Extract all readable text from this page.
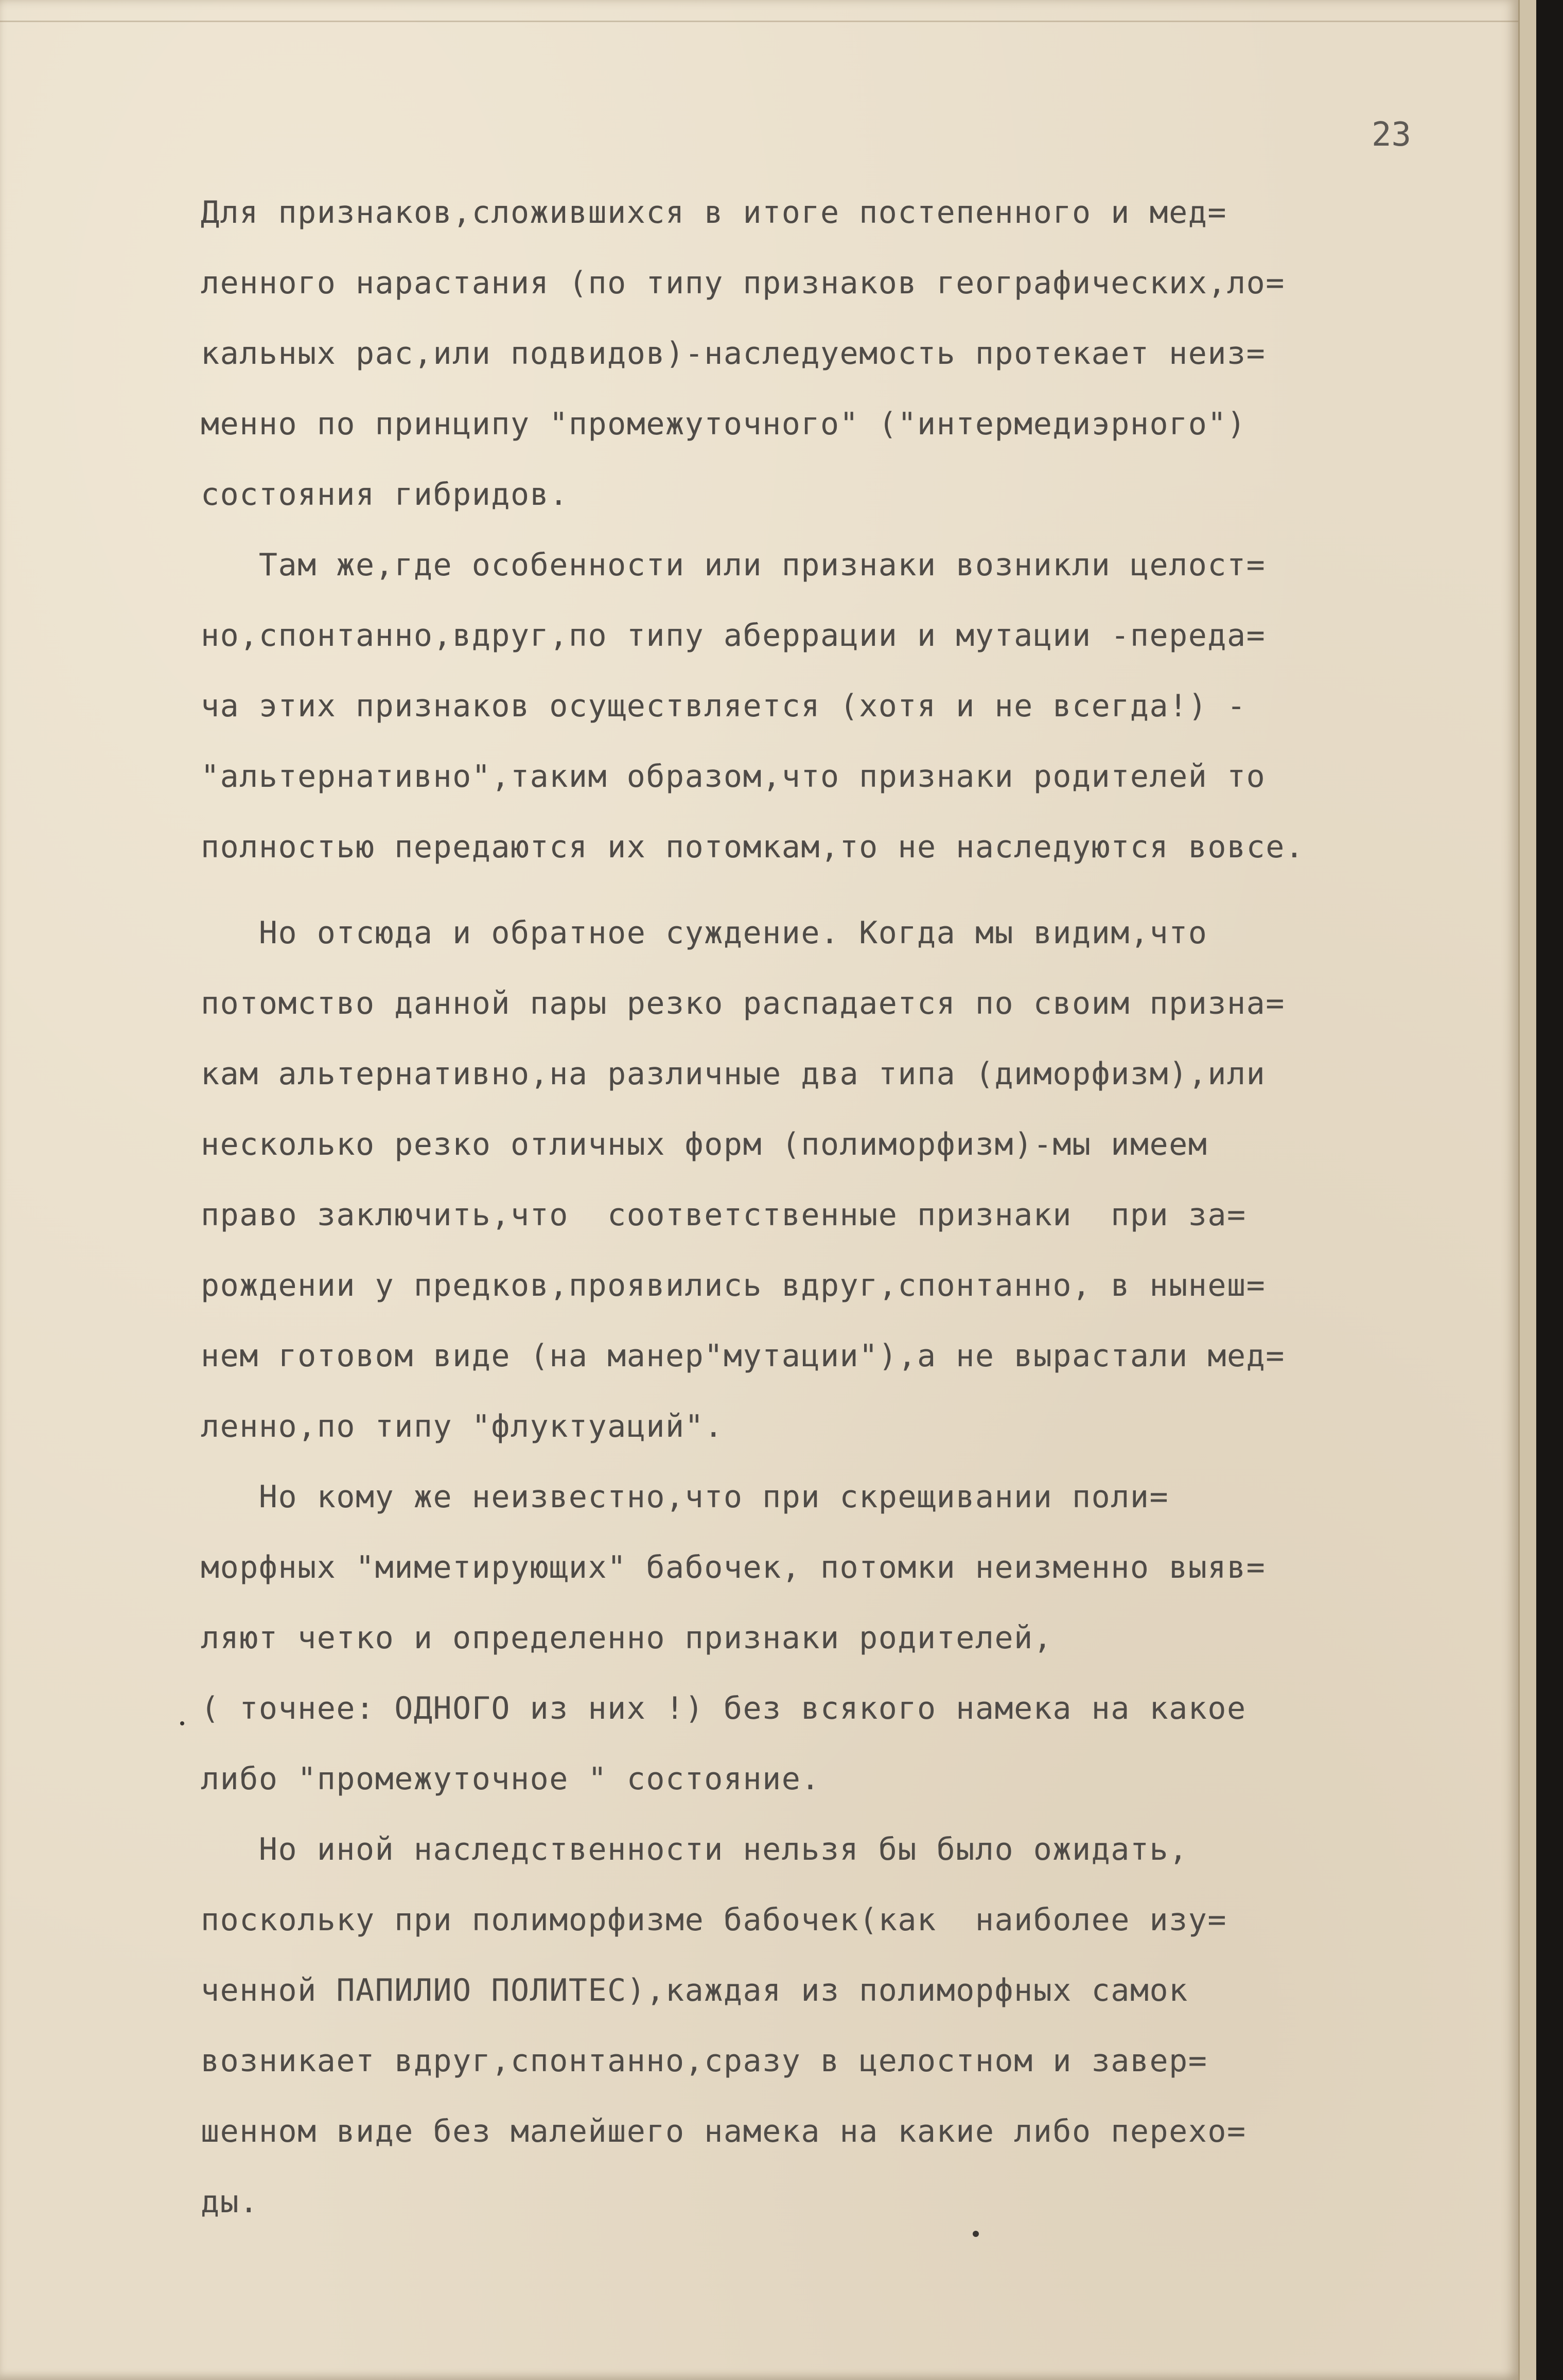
23
Для признаков,сложившихся в итоге постепенного и мед=
ленного нарастания (по типу признаков географических,ло=
кальных рас,или подвидов)-наследуемость протекает неиз=
менно по принципу "промежуточного" ("интермедиэрного")
состояния гибридов.
Там же,где особенности или признаки возникли целост=
но,спонтанно,вдруг,по типу аберрации и мутации -переда=
ча этих признаков осуществляется (хотя и не всегда!) -
"альтернативно",таким образом,что признаки родителей то
полностью передаются их потомкам,то не наследуются вовсе.
Но отсюда и обратное суждение. Когда мы видим,что
потомство данной пары резко распадается по своим призна=
кам альтернативно,на различные два типа (диморфизм),или
несколько резко отличных форм (полиморфизм)-мы имеем
право заключить,что  соответственные признаки  при за=
рождении у предков,проявились вдруг,спонтанно, в нынеш=
нем готовом виде (на манер"мутации"),а не вырастали мед=
ленно,по типу "флуктуаций".
Но кому же неизвестно,что при скрещивании поли=
морфных "миметирующих" бабочек, потомки неизменно выяв=
ляют четко и определенно признаки родителей,
( точнее: ОДНОГО из них !) без всякого намека на какое
либо "промежуточное " состояние.
Но иной наследственности нельзя бы было ожидать,
поскольку при полиморфизме бабочек(как  наиболее изу=
ченной ПАПИЛИО ПОЛИТЕС),каждая из полиморфных самок
возникает вдруг,спонтанно,сразу в целостном и завер=
шенном виде без малейшего намека на какие либо перехо=
ды.
